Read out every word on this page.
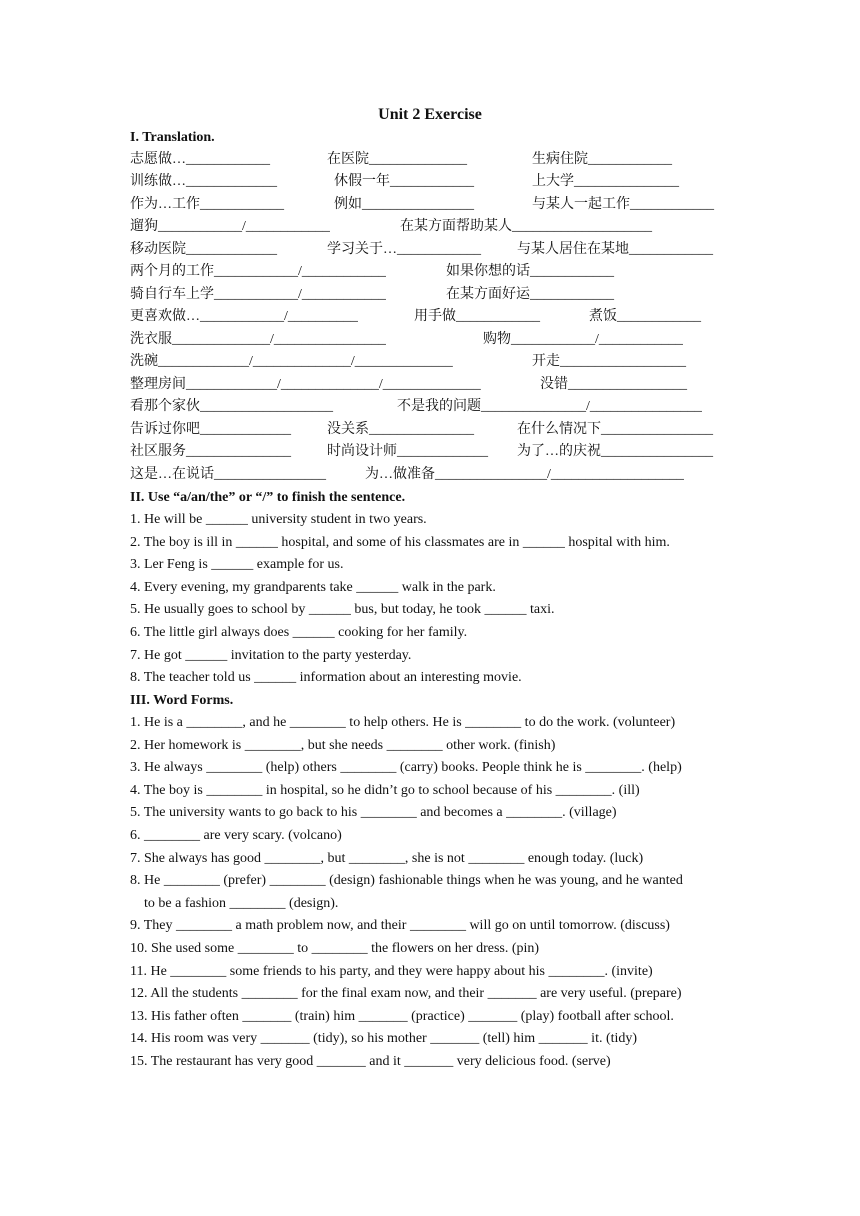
Unit 2 Exercise
I. Translation.
志愿做…____________	在医院______________	生病住院____________
训练做…_____________	休假一年____________	上大学_______________
作为…工作____________	例如________________	与某人一起工作____________
遛狗____________/____________	在某方面帮助某人____________________
移动医院_____________	学习关于…____________	与某人居住在某地____________
两个月的工作____________/____________	如果你想的话____________
骑自行车上学____________/____________	在某方面好运____________
更喜欢做…____________/__________	用手做____________	煮饭____________
洗衣服______________/________________	购物____________/____________
洗碗_____________/______________/______________	开走__________________
整理房间_____________/______________/______________	没错_________________
看那个家伙___________________	不是我的问题_______________/________________
告诉过你吧_____________	没关系_______________	在什么情况下________________
社区服务_______________	时尚设计师_____________ 为了…的庆祝________________
这是…在说话________________	为…做准备________________/___________________
II. Use “a/an/the” or “/” to finish the sentence.
1. He will be ______ university student in two years.
2. The boy is ill in ______ hospital, and some of his classmates are in ______ hospital with him.
3. Ler Feng is ______ example for us.
4. Every evening, my grandparents take ______ walk in the park.
5. He usually goes to school by ______ bus, but today, he took ______ taxi.
6. The little girl always does ______ cooking for her family.
7. He got ______ invitation to the party yesterday.
8. The teacher told us ______ information about an interesting movie.
III. Word Forms.
1. He is a ________, and he ________ to help others. He is ________ to do the work. (volunteer)
2. Her homework is ________, but she needs ________ other work. (finish)
3. He always ________ (help) others ________ (carry) books. People think he is ________. (help)
4. The boy is ________ in hospital, so he didn’t go to school because of his ________. (ill)
5. The university wants to go back to his ________ and becomes a ________. (village)
6. ________ are very scary. (volcano)
7. She always has good ________, but ________, she is not ________ enough today. (luck)
8. He ________ (prefer) ________ (design) fashionable things when he was young, and he wanted
to be a fashion ________ (design).
9. They ________ a math problem now, and their ________ will go on until tomorrow. (discuss)
10. She used some ________ to ________ the flowers on her dress. (pin)
11. He ________ some friends to his party, and they were happy about his ________. (invite)
12. All the students ________ for the final exam now, and their _______ are very useful. (prepare)
13. His father often _______ (train) him _______ (practice) _______ (play) football after school.
14. His room was very _______ (tidy), so his mother _______ (tell) him _______ it. (tidy)
15. The restaurant has very good _______ and it _______ very delicious food. (serve)
